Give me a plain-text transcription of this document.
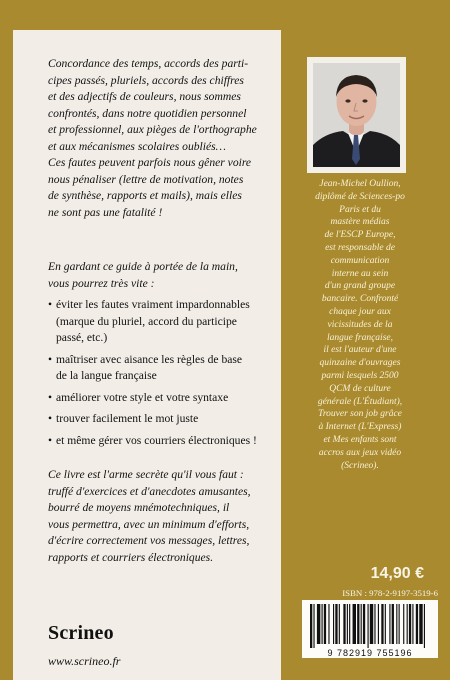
Concordance des temps, accords des parti-
cipes passés, pluriels, accords des chiffres
et des adjectifs de couleurs, nous sommes
confrontés, dans notre quotidien personnel
et professionnel, aux pièges de l'orthographe
et aux mécanismes scolaires oubliés…
Ces fautes peuvent parfois nous gêner voire
nous pénaliser (lettre de motivation, notes
de synthèse, rapports et mails), mais elles
ne sont pas une fatalité !
En gardant ce guide à portée de la main,
vous pourrez très vite :
• éviter les fautes vraiment impardonnables
(marque du pluriel, accord du participe
passé, etc.)
• maîtriser avec aisance les règles de base
de la langue française
• améliorer votre style et votre syntaxe
• trouver facilement le mot juste
• et même gérer vos courriers électroniques !
Ce livre est l'arme secrète qu'il vous faut :
truffé d'exercices et d'anecdotes amusantes,
bourré de moyens mnémotechniques, il
vous permettra, avec un minimum d'efforts,
d'écrire correctement vos messages, lettres,
rapports et courriers électroniques.
Scrineo
www.scrineo.fr
Jean-Michel Oullion,
diplômé de Sciences-po
Paris et du
mastère médias
de l'ESCP Europe,
est responsable de
communication
interne au sein
d'un grand groupe
bancaire. Confronté
chaque jour aux
vicissitudes de la
langue française,
il est l'auteur d'une
quinzaine d'ouvrages
parmi lesquels 2500
QCM de culture
générale (L'Étudiant),
Trouver son job grâce
à Internet (L'Express)
et Mes enfants sont
accros aux jeux vidéo
(Scrineo).
14,90 €
ISBN : 978-2-9197-3519-6
9 782919 755196
